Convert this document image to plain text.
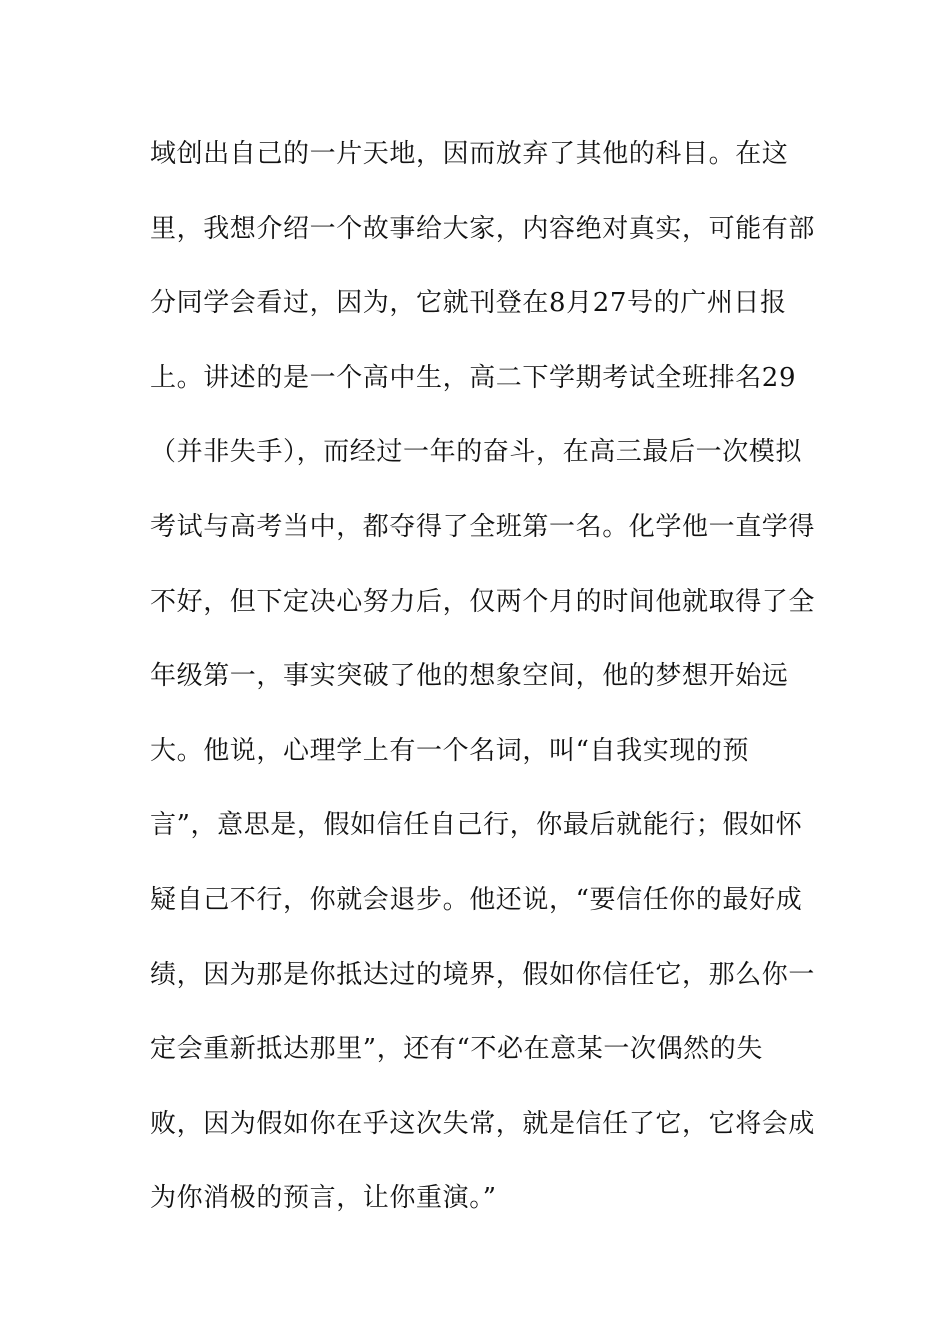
域创出自己的一片天地，因而放弃了其他的科目。在这
里，我想介绍一个故事给大家，内容绝对真实，可能有部
分同学会看过，因为，它就刊登在8月27号的广州日报
上。讲述的是一个高中生，高二下学期考试全班排名29
（并非失手），而经过一年的奋斗，在高三最后一次模拟
考试与高考当中，都夺得了全班第一名。化学他一直学得
不好，但下定决心努力后，仅两个月的时间他就取得了全
年级第一，事实突破了他的想象空间，他的梦想开始远
大。他说，心理学上有一个名词，叫“自我实现的预
言”，意思是，假如信任自己行，你最后就能行；假如怀
疑自己不行，你就会退步。他还说，“要信任你的最好成
绩，因为那是你抵达过的境界，假如你信任它，那么你一
定会重新抵达那里”，还有“不必在意某一次偶然的失
败，因为假如你在乎这次失常，就是信任了它，它将会成
为你消极的预言，让你重演。”
